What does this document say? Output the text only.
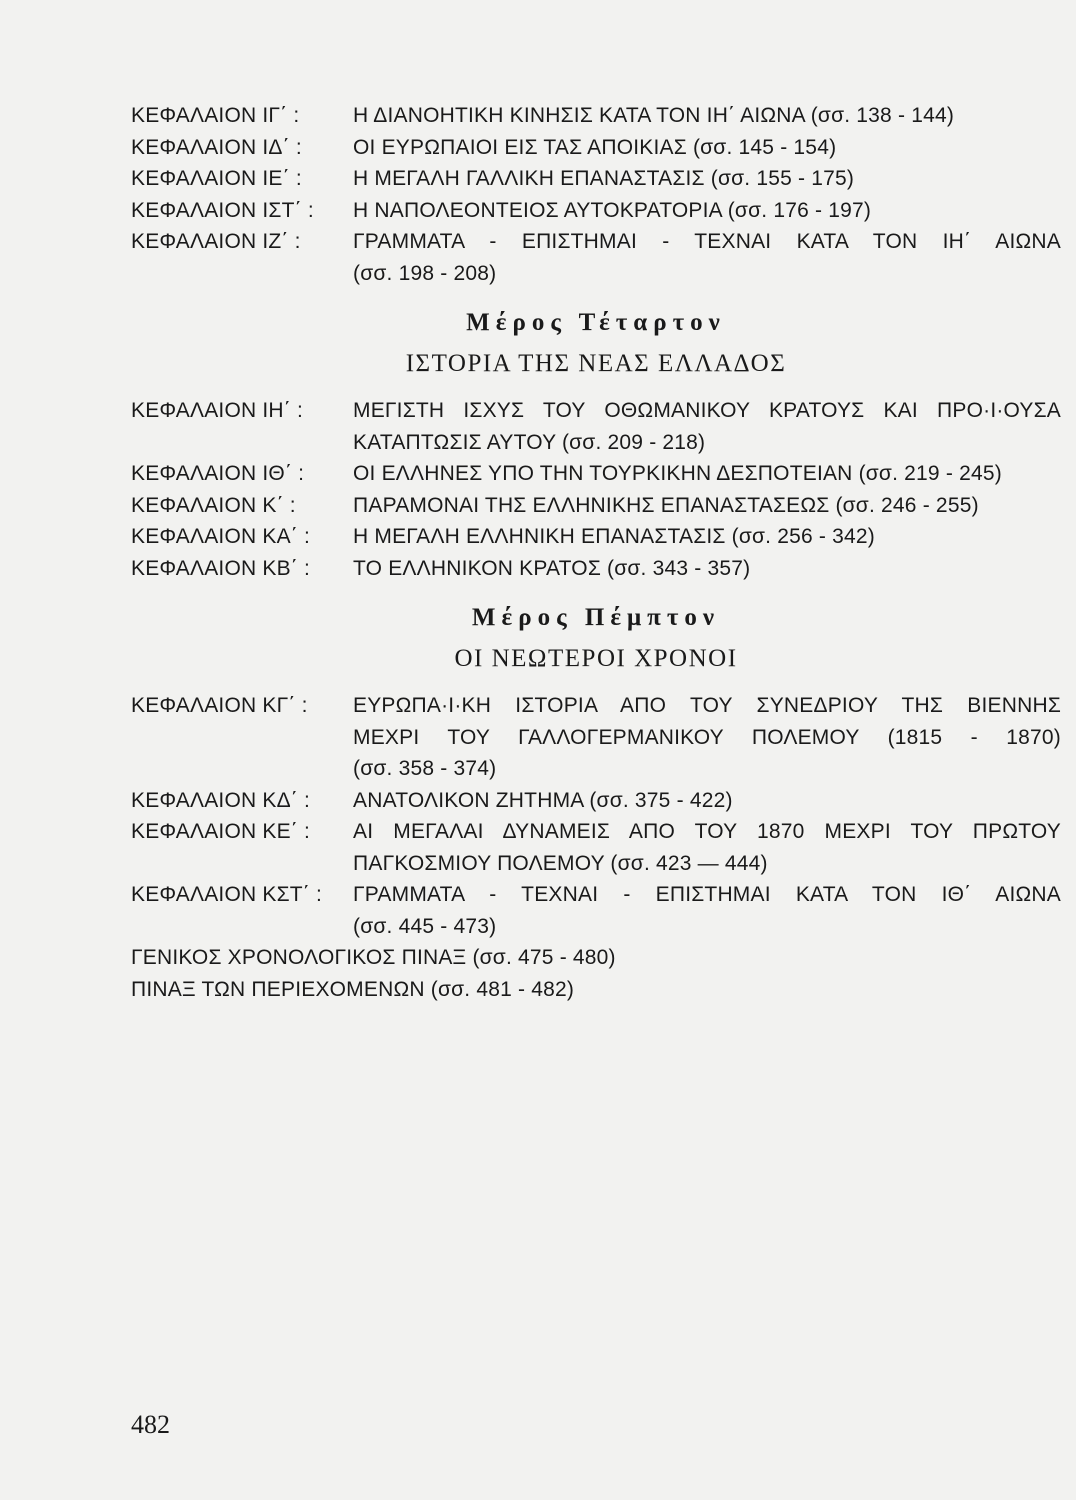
ΚΕΦΑΛΑΙΟΝ ΙΓ΄ :	Η ΔΙΑΝΟΗΤΙΚΗ ΚΙΝΗΣΙΣ ΚΑΤΑ ΤΟΝ ΙΗ΄ ΑΙΩΝΑ (σσ. 138 - 144)
ΚΕΦΑΛΑΙΟΝ ΙΔ΄ :	ΟΙ ΕΥΡΩΠΑΙΟΙ ΕΙΣ ΤΑΣ ΑΠΟΙΚΙΑΣ (σσ. 145 - 154)
ΚΕΦΑΛΑΙΟΝ ΙΕ΄ :	Η ΜΕΓΑΛΗ ΓΑΛΛΙΚΗ ΕΠΑΝΑΣΤΑΣΙΣ (σσ. 155 - 175)
ΚΕΦΑΛΑΙΟΝ ΙΣΤ΄ :	Η ΝΑΠΟΛΕΟΝΤΕΙΟΣ ΑΥΤΟΚΡΑΤΟΡΙΑ (σσ. 176 - 197)
ΚΕΦΑΛΑΙΟΝ ΙΖ΄ :	ΓΡΑΜΜΑΤΑ - ΕΠΙΣΤΗΜΑΙ - ΤΕΧΝΑΙ ΚΑΤΑ ΤΟΝ ΙΗ΄ ΑΙΩΝΑ
(σσ. 198 - 208)
Μέρος Τέταρτον
ΙΣΤΟΡΙΑ ΤΗΣ ΝΕΑΣ ΕΛΛΑΔΟΣ
ΚΕΦΑΛΑΙΟΝ ΙΗ΄ :	ΜΕΓΙΣΤΗ ΙΣΧΥΣ ΤΟΥ ΟΘΩΜΑΝΙΚΟΥ ΚΡΑΤΟΥΣ ΚΑΙ ΠΡΟ·Ι·ΟΥΣΑ
ΚΑΤΑΠΤΩΣΙΣ ΑΥΤΟΥ (σσ. 209 - 218)
ΚΕΦΑΛΑΙΟΝ ΙΘ΄ :	ΟΙ ΕΛΛΗΝΕΣ ΥΠΟ ΤΗΝ ΤΟΥΡΚΙΚΗΝ ΔΕΣΠΟΤΕΙΑΝ (σσ. 219 - 245)
ΚΕΦΑΛΑΙΟΝ Κ΄ :	ΠΑΡΑΜΟΝΑΙ ΤΗΣ ΕΛΛΗΝΙΚΗΣ ΕΠΑΝΑΣΤΑΣΕΩΣ (σσ. 246 - 255)
ΚΕΦΑΛΑΙΟΝ ΚΑ΄ :	Η ΜΕΓΑΛΗ ΕΛΛΗΝΙΚΗ ΕΠΑΝΑΣΤΑΣΙΣ (σσ. 256 - 342)
ΚΕΦΑΛΑΙΟΝ ΚΒ΄ :	ΤΟ ΕΛΛΗΝΙΚΟΝ ΚΡΑΤΟΣ (σσ. 343 - 357)
Μέρος Πέμπτον
ΟΙ ΝΕΩΤΕΡΟΙ ΧΡΟΝΟΙ
ΚΕΦΑΛΑΙΟΝ ΚΓ΄ :	ΕΥΡΩΠΑ·Ι·ΚΗ ΙΣΤΟΡΙΑ ΑΠΟ ΤΟΥ ΣΥΝΕΔΡΙΟΥ ΤΗΣ ΒΙΕΝΝΗΣ
ΜΕΧΡΙ ΤΟΥ ΓΑΛΛΟΓΕΡΜΑΝΙΚΟΥ ΠΟΛΕΜΟΥ (1815 - 1870)
(σσ. 358 - 374)
ΚΕΦΑΛΑΙΟΝ ΚΔ΄ :	ΑΝΑΤΟΛΙΚΟΝ ΖΗΤΗΜΑ (σσ. 375 - 422)
ΚΕΦΑΛΑΙΟΝ ΚΕ΄ :	ΑΙ ΜΕΓΑΛΑΙ ΔΥΝΑΜΕΙΣ ΑΠΟ ΤΟΥ 1870 ΜΕΧΡΙ ΤΟΥ ΠΡΩΤΟΥ
ΠΑΓΚΟΣΜΙΟΥ ΠΟΛΕΜΟΥ (σσ. 423 — 444)
ΚΕΦΑΛΑΙΟΝ ΚΣΤ΄ :	ΓΡΑΜΜΑΤΑ - ΤΕΧΝΑΙ - ΕΠΙΣΤΗΜΑΙ ΚΑΤΑ ΤΟΝ ΙΘ΄ ΑΙΩΝΑ
(σσ. 445 - 473)
ΓΕΝΙΚΟΣ ΧΡΟΝΟΛΟΓΙΚΟΣ ΠΙΝΑΞ (σσ. 475 - 480)
ΠΙΝΑΞ ΤΩΝ ΠΕΡΙΕΧΟΜΕΝΩΝ (σσ. 481 - 482)
482
